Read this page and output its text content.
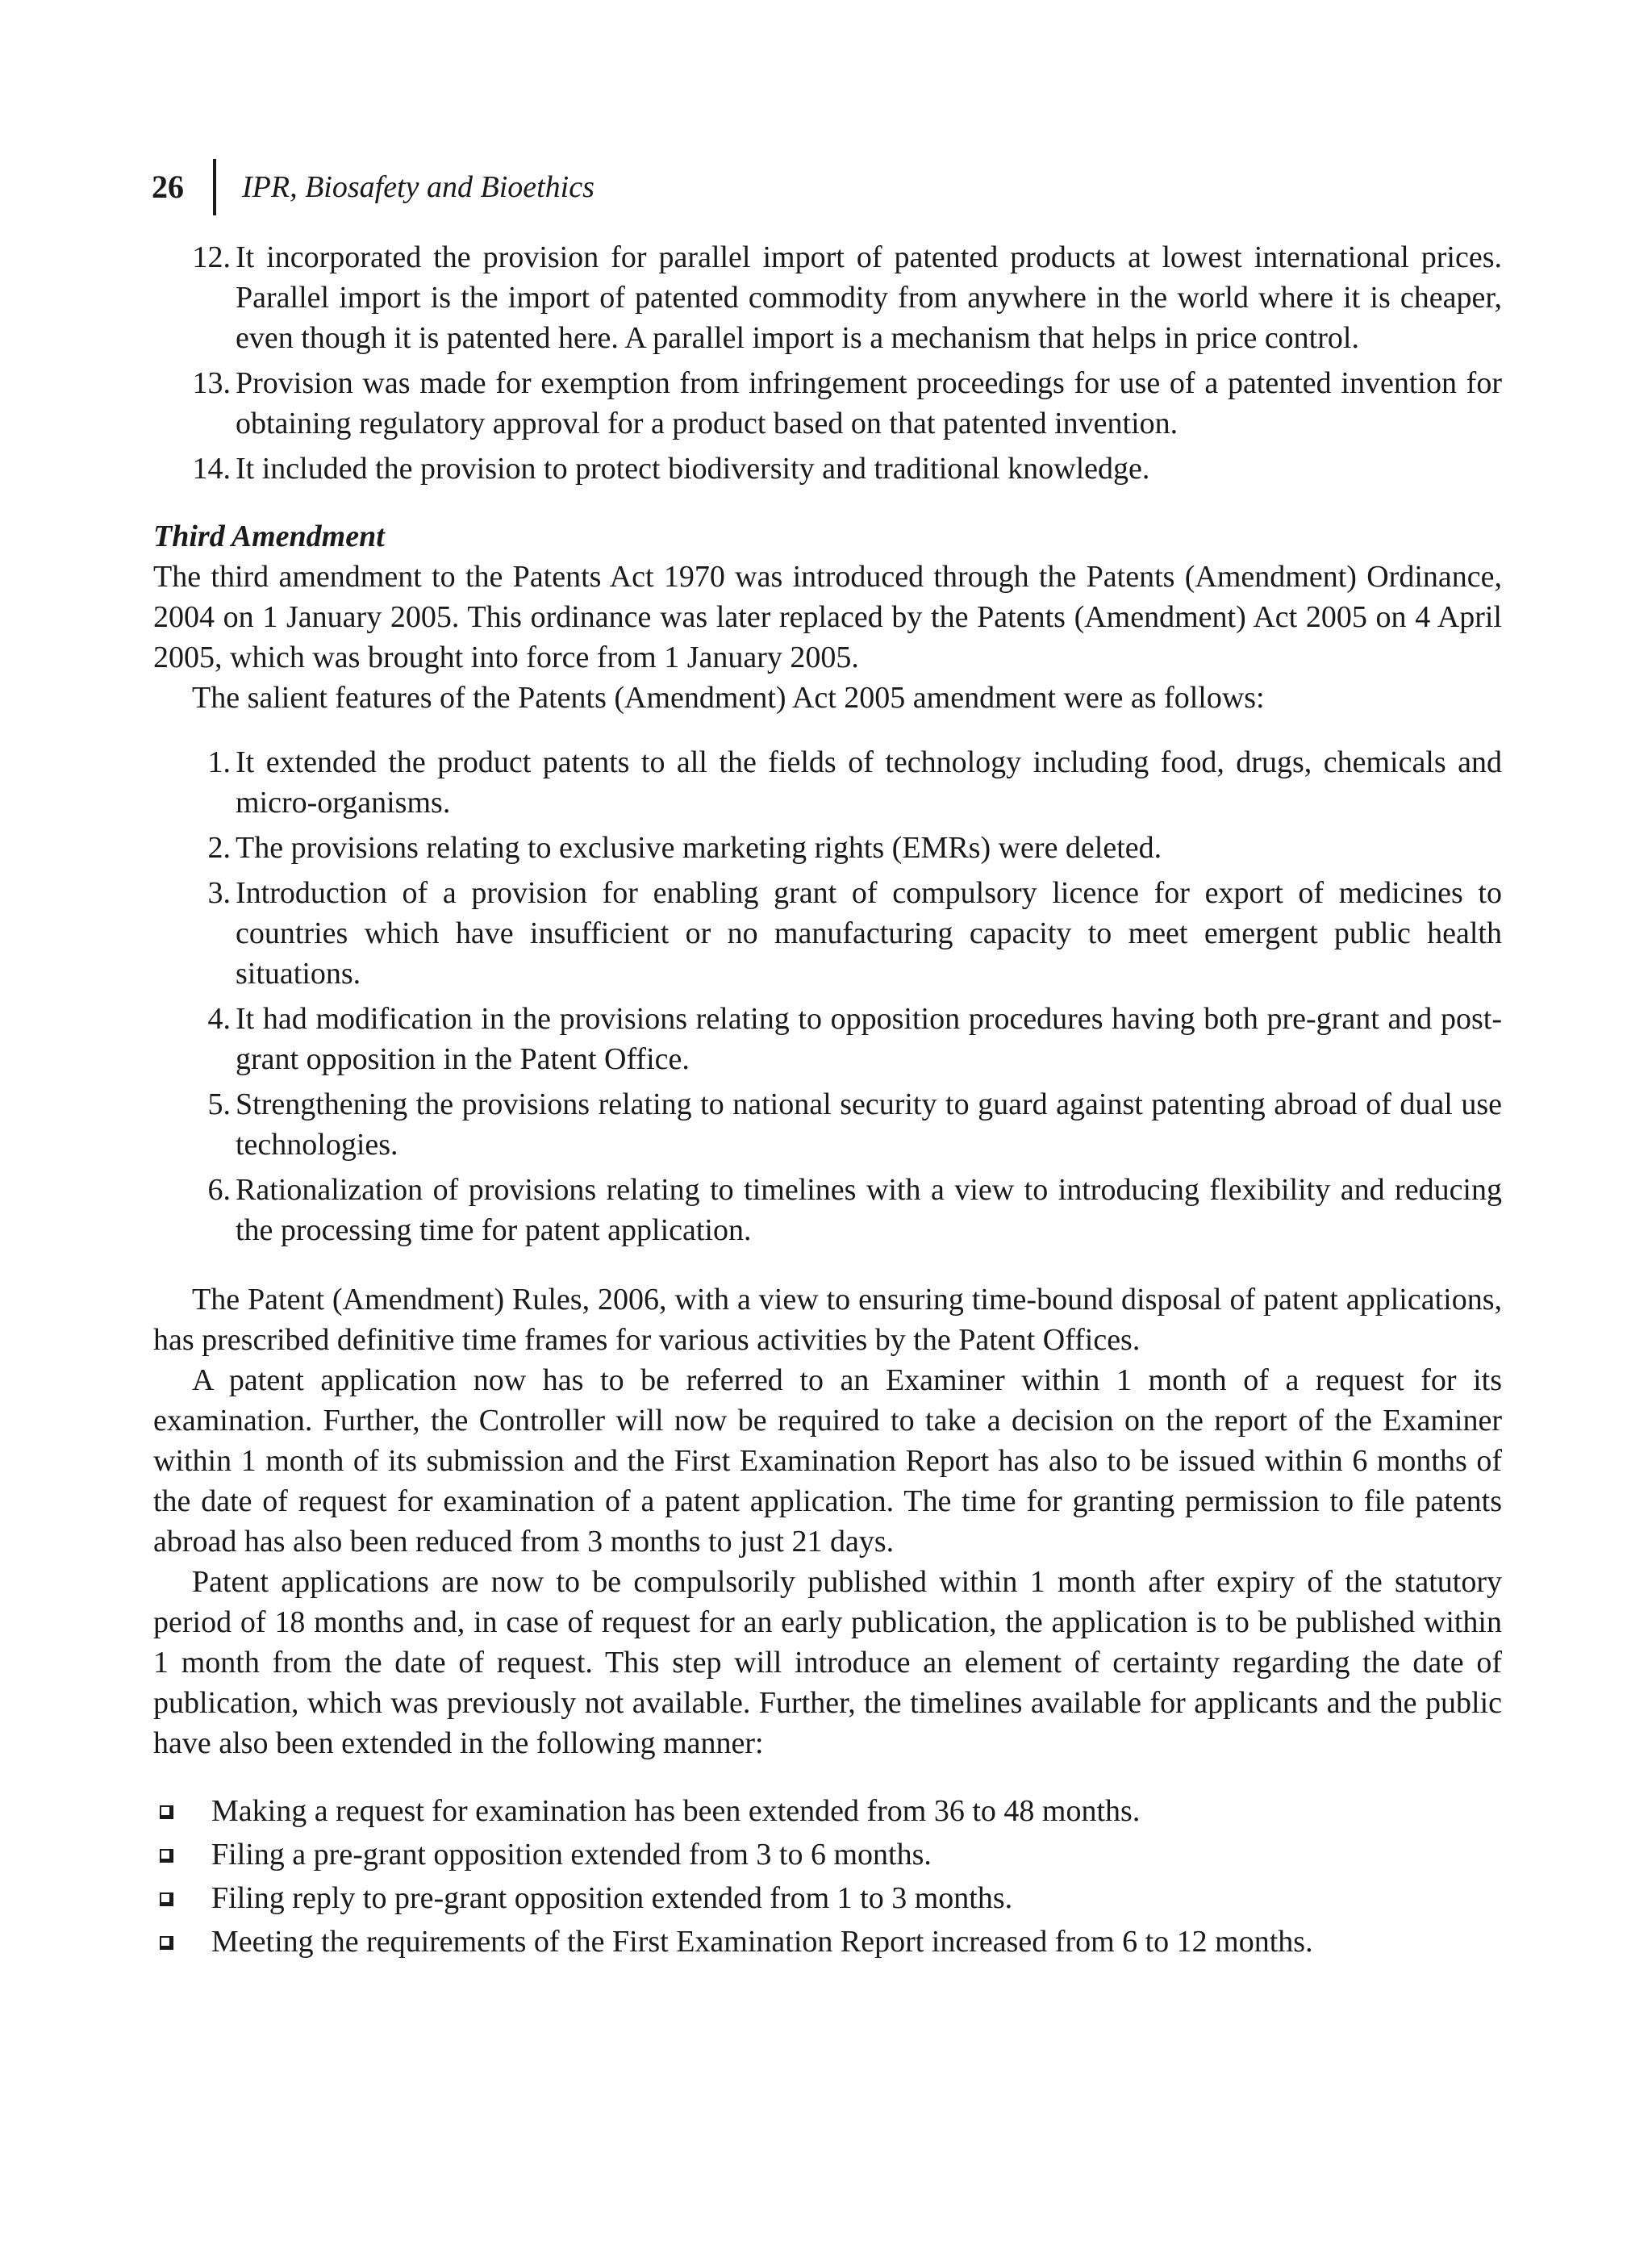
26 IPR, Biosafety and Bioethics
12. It incorporated the provision for parallel import of patented products at lowest international prices. Parallel import is the import of patented commodity from anywhere in the world where it is cheaper, even though it is patented here. A parallel import is a mechanism that helps in price control.
13. Provision was made for exemption from infringement proceedings for use of a patented invention for obtaining regulatory approval for a product based on that patented invention.
14. It included the provision to protect biodiversity and traditional knowledge.
Third Amendment

The third amendment to the Patents Act 1970 was introduced through the Patents (Amendment) Ordinance, 2004 on 1 January 2005. This ordinance was later replaced by the Patents (Amendment) Act 2005 on 4 April 2005, which was brought into force from 1 January 2005.

The salient features of the Patents (Amendment) Act 2005 amendment were as follows:

1. It extended the product patents to all the fields of technology including food, drugs, chemicals and micro-organisms.
2. The provisions relating to exclusive marketing rights (EMRs) were deleted.
3. Introduction of a provision for enabling grant of compulsory licence for export of medicines to countries which have insufficient or no manufacturing capacity to meet emergent public health situations.
4. It had modification in the provisions relating to opposition procedures having both pre-grant and post-grant opposition in the Patent Office.
5. Strengthening the provisions relating to national security to guard against patenting abroad of dual use technologies.
6. Rationalization of provisions relating to timelines with a view to introducing flexibility and reducing the processing time for patent application.

The Patent (Amendment) Rules, 2006, with a view to ensuring time-bound disposal of patent applications, has prescribed definitive time frames for various activities by the Patent Offices.

A patent application now has to be referred to an Examiner within 1 month of a request for its examination. Further, the Controller will now be required to take a decision on the report of the Examiner within 1 month of its submission and the First Examination Report has also to be issued within 6 months of the date of request for examination of a patent application. The time for granting permission to file patents abroad has also been reduced from 3 months to just 21 days.

Patent applications are now to be compulsorily published within 1 month after expiry of the statutory period of 18 months and, in case of request for an early publication, the application is to be published within 1 month from the date of request. This step will introduce an element of certainty regarding the date of publication, which was previously not available. Further, the timelines available for applicants and the public have also been extended in the following manner:

Making a request for examination has been extended from 36 to 48 months.
Filing a pre-grant opposition extended from 3 to 6 months.
Filing reply to pre-grant opposition extended from 1 to 3 months.
Meeting the requirements of the First Examination Report increased from 6 to 12 months.
